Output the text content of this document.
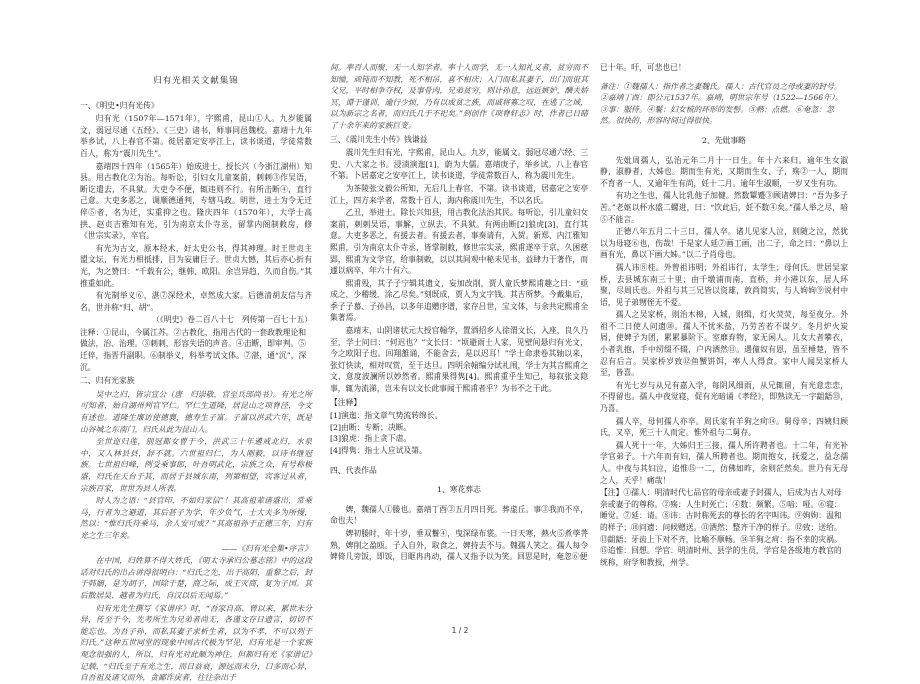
归有光相关文献集锦
一、《明史•归有光传》

归有光（1507年—1571年），字熙甫，昆山①人。九岁能属文，弱冠尽通《五经》、《三史》诸书，师事同邑魏校。嘉靖十九年举乡试，八上春官不第。徙居嘉定安亭江上，读书谈道，学徒常数百人，称为“震川先生”。

嘉靖四十四年（1565年）始成进士，授长兴（今浙江湖州）知县。用古教化②为治。每听讼，引妇女儿童案前，刺刺③作吴语，断讫遣去，不具狱。大吏令不便，辄违则不行。有所击断④，直行己意。大吏多恶之，调顺德通判，专辖马政。明世，进士为令无迁倅⑤者，名为迁，实重抑之也。隆庆四年（1570年），大学士高拱、赵贞吉雅知有光，引为南京太仆寺丞，留掌内阁制敕房，修《世宗实录》，卒官。

有光为古文，原本经术，好太史公书，得其神理。时王世贞主盟文坛，有光力相抵排，目为妄庸巨子。世贞大憾，其后亦心折有光，为之赞曰：“千载有公，继韩、欧阳。余岂异趋，久而自伤。”其推重如此。

有光制举义⑥，湛⑦深经术，卓然成大家。后德清胡友信与齐名，世并称“归、胡”。

（《明史》卷二百八十七　列传第一百七十五）

注释：①昆山，今属江苏。②古教化，指用古代的一套政教理论和做法，治、治理。③刺刺，形容失语的声音。④击断，即审判。⑤迁倅，指晋升副职。⑥制举义，科举考试文体。⑦湛，通“沉”，深沉。

二、归有光家族

吴中之归，皆宗宣公（唐　归崇敬，官至兵部尚书）。有光之所可知者，始自湖州判官罕仁。罕仁生道隆，居昆山之项脊泾，今文有述也。道隆生廉访使德襄，德寿生子富。子富以洪武六年，既是山谷城之东南门，归氏从此为昆山人。

至世迩归莲，别冠都女曹于今，洪武三十年遴戒北归，水泉中，又人林县县，辞不就。六世祖归仁，为人刚毅，以诗书继冠族。七世祖归峰，例受乘事郎，叶吾明武化，宗族之众，有号称极盛，归氏在天台于其，而居于县城东南，列第相望，宾客过从者，宗族百家，世世为县人所表。

时人为之语：“县官印，不如归家信”！其高祖辈诸盛出，常乘马，行者为之避道，其后甚子为学，年少负气，士大夫多为所慢，然以：“惟归氏符乘马，余人安可成？”其高祖孙于正德三年，归有光之生三年矣。

——《归有光全集•序言》

在中国，归姓算不得大姓氏，《明太寺承归公墓志铭》中的这段话对归氏的出占讲得很明白：“归氏之先，出于高阳，重黎之后，封于韩嫡，是为胡子，国除于楚，商之际，成王灭商，复为子国。其后散居吴、越者为归氏，自汉以后无闻焉。”

归有光先生撰写《家谱序》时，“吾家自高、曾以来，累世未分异，传至于今，先考所生为兄弟者尚无，各谨文存日遗言，切切不能忘也。为吾子孙，而私其妻子求析生者，以为不孝，不可以列于归氏。”这种五世同堂的现象中国古代极为罕见，归有光是一个家族观念很强的人，所以，归有光对此颇为神往，但都归有光《家谱记》记载，“归氏至于有光之生，而日益衰，源远而末分，口多而心异，自吾祖及诸父而外，贪鄙诈戾者，往往杂出于

间。率百人而聚，无一人知学者。率十人而学，无一人知礼义者，贫穷而不知恤，顽钝而不知教，死不相吊，喜不相庆；入门而私其妻子，出门而诳其父兄，平时相争夺权，及事骨肉，兄弟贫穷，则计孙息，远近嫉妒，酬夫娇冥，谭于谨训，逾行少烦，乃有以成贫之族，而戚将寡之叹，在逃了之域，以为新宗之名者，而归氏几于不祀矣。”到创作《项脊轩志》时，作者已目睹了十余年来的家族巨变。

三、《震川先生小传》钱谦益

震川先生归有光，字熙甫，昆山人。九岁，能属文。弱冠尽通六经、三史、八大家之书。浸渍演迤[1]，蔚为大儒。嘉靖庚子，举乡试。八上春官不第。卜居嘉定之安亭江上，读书谈道，学徒常数百人，称为震川先生。

为茶陵张文毅公所知，无后几上春官，不第。读书谈道，居嘉定之安亭江上，四方来学者，常数十百人，海内称震川先生，不以名氏。

乙丑，举进士。除长兴知县，用古教化法治其民。每听讼，引儿童妇女案前，刺刺吴语，事解，立纵去，不具狱。有两由断[2]狼虎[3]，直行其意。大吏多恶之，有援去者。有援去者，事奏请有，入贺。新郑、内江雅知熙甫，引为南京太仆寺丞，皆掌制敕，修世宗实录，熙甫遂卒于京，久困慈郢，熙甫为文学官，给事制敕，以以其间观中秘未见书，益肆力于著作，而遽以病卒，年六十有六。

熙甫殁，其子子宁辑其遗文，妄加改削，贾人童氏梦熙甫趣之曰：“亟成之，少稽缓，涂乙尽矣。”刻既成，贾人为文字钱。其吉所梦。今戴集后，季子子慕、子孙昌，以多年追赠序谱，家存吕世，宝文体，与余共定熙甫全集著焉。

嘉靖末，山阴诸状元大授官翰学，置酒招乡人徐渭文长，入座，良久乃至，学士问曰：“何迟也？”文长曰：“顷避雨士人家，见壁间悬归有光文，今之欧阳子也。回翔雒诵，不能舍去，是以迟耳！”学士命隶卷其轴以来，张灯快读，相对叹赏，至于达旦。四明余翰编分试礼闱，学士为其言熙甫之文，意度波澜所以妙然者。熙甫果得隽[4]。熙甫重乎生知己，每叙张文隐事，辄为流涕，岂未有以文长此事闻于熙甫者乎？为书不之于此。

【注释】
[1]演迤：指文章气势流转绵长。
[2]由断：专断；决断。
[3]狼虎：指上贪下虐。
[4]得隽：指士人应试及第。
四、代表作品
1、寒花葬志

婢，魏孺人①媵也。嘉靖丁酉②五月四日死。葬虚丘。事③我而不卒，命也夫！

婢初媵时，年十岁，垂双鬟④，曳深绿布裳。一日天寒，爇火⑤煮荸荠熟，婢削之盈瓯。子入自外，取食之，婢持去不与。魏孺人笑之。孺人每令婢倚几旁饭，即饭，目眶冉冉动，孺人又指予以为笑。回思是时，奄忽⑥便

已十年。吁，可悲也已！

备注：①魏孺人：指作者之妻魏氏。孺人：古代官员之母或妻的封号。②嘉靖丁酉：即公元1537年。嘉靖，明世宗年号（1522—1566年）。③事：服侍。④鬟：妇女梳的环形的发髻。⑤爇：点燃。⑥奄忽：忽然。很快的，形容时间过得很快。

2、先妣事略

先妣周孺人，弘治元年二月十一日生。年十六来归。逾年生女淑静，淑静者，大姊也。期而生有光，又期而生女、子，殇②一人，期而不育者一人，又逾年生有尚，妊十二月。逾年生淑顺，一岁又生有功。

有功之生也，孺人比乳他子加健。然数颦蹙③顾诸婢曰：“吾为多子苦。”老妪以杯水盛二螺进，曰：“饮此后，妊不数④矣。”孺人举之尽，喑⑤不能言。

正德八年五月二十三日，孺人卒。诸儿见家人泣，则随之泣，然犹以为母寝⑥也，伤哉！于是家人延⑦画工画，出二子，命之曰：“鼻以上画有光，鼻以下画大姊。”以二子肖母也。

孺人讳⑧桂。外曾祖讳明；外祖讳行，太学生；母何氏。世居吴家桥，去县城东南三十里；由千墩浦而南，直桥，并小港以东，居人环聚，尽周氏也。外祖与其三兄皆以资雄，敦尚简实，与人姁姁⑨说村中语，见子弟甥侄无不爱。

孺人之吴家桥，则治木棉，入城，则缉，灯火荧荧，每至夜分。外祖不二日使人问遗⑩。孺人不忧米盐，乃劳苦若不谋夕。冬月炉火炭屑，使婢子为团，累累暴阶下。室靡弃物，家无闲人。儿女大者攀衣，小者乳抱，手中纫缀不辍，户内洒然⑪。遇僮奴有恩，虽至棰楚，皆不忍有后言。吴家桥岁致⑫鱼蟹饼饵，率人人得食。家中人闻吴家桥人至，皆喜。

有光七岁与从兄有嘉入学，每阴风细雨，从兄辄留，有光意恋恋，不得留也。孺人中夜觉寝，促有光暗诵《孝经》，即熟读无一字龃龉⑬，乃喜。

孺人卒，母何孺人亦卒。周氏家有羊狗之疴⑭。舅母卒；四姨归顾氏，又卒，死三十人而定。惟外祖与二舅存。

孺人死十一年，大姊归王三接，孺人所许聘者也。十二年，有光补学官弟子。十六年而有妇，孺人所聘者也。期而抱女，抚爱之，益念孺人。中夜与其妇泣，追惟⑮一二，仿佛如昨，余则茫然矣。世乃有无母之人，天乎！痛哉！

【注】①孺人：明清时代七品官的母亲或妻子封孺人，后成为古人对母亲或妻子的尊称。②殇：人生时死亡；④数：频繁。⑤喑：哑。⑥寝：睡觉。⑦延：请。⑧讳：古时称死去的尊长的名字叫讳。⑨姁姁：温和的样子；⑩问遗：问候赠送。⑪洒然：整齐干净的样子。⑫致：送给。⑬龃龉：牙齿上下对不齐，比喻不顺畅。⑭羊狗之疴：指不幸的灾祸。⑮追惟：回想。学官：明清时州、县学的生员，学官是各级地方教官的统称，府学和教授，州学。

1 / 2
